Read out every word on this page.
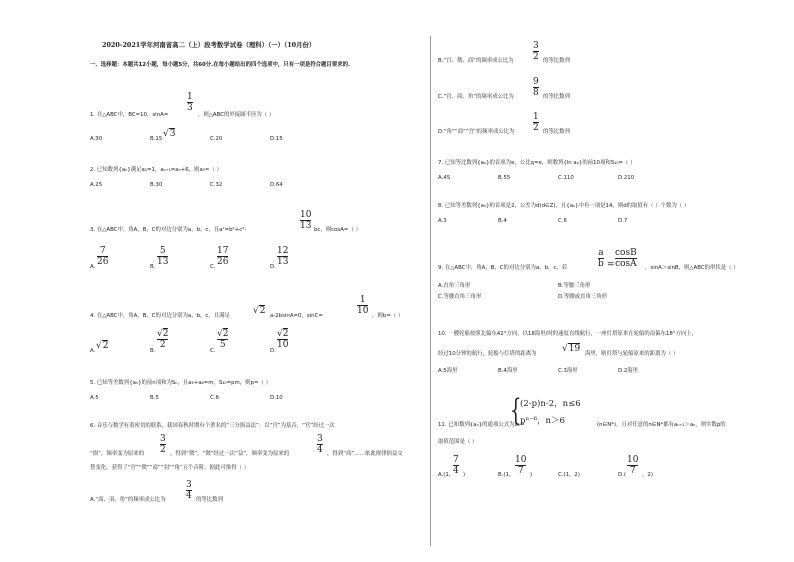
2020-2021学年河南省高二（上）段考数学试卷（理科）（一）（10月份）
一、选择题：本题共12小题，每小题5分，共60分.在每小题给出的四个选项中，只有一项是符合题目要求的.
1. 在△ABC中，BC=10，sinA=
1
3
，则△ABC的外接圆半径为（ ）
A.30	B.15 √3	C.20	D.15
2. 已知数列{aₙ}满足a₁=1，aₙ₊₁=aₙ+6，则a₅=（ ）
A.25	B.30	C.32	D.64
3. 在△ABC中，角A，B，C的对边分别为a，b，c，且a²=b²+c²-
10
13 bc，则cosA=（ ）
A.
7
26	B.
5
13	C.
17
26	D.
12
13
4. 在△ABC中，角A，B，C的对边分别为a，b，c，且满足	√2 a-2bsinA=0，sinC=
1
10 ，则b=（ ）
A. √2	B.
√2
2
C.
√2
5
D.
√2
10
5. 已知等差数列{aₙ}的前n项和为Sₙ，且a₃+a₆=m，S₁₀=pm，则p=（ ）
A.5	B.5	C.6	D.10
6. 音乐与数学有着密切的联系，我国春秋时期有个著名的“三分损益法”：以“宫”为基音，“宫”经过一次
“损”，频率变为原来的
3
2 ，得到“徵”，“徵”经过一次“益”，频率变为原来的
3
4 ，得到“商”……依此规律损益交
替变化，获得了“宫”“徵”“商”“羽”“角”五个音阶，据此可推得（ ）
A.“商、羽、角”的频率成公比为
3
4 的等比数列
B.“宫、徵、商”的频率成公比为
3
2 的等比数列
C.“宫、商、角”的频率成公比为
9
8 的等比数列
D.“角”“商”“宫”的频率成公比为
1
2 的等比数列
7. 已知等比数列{aₙ}的首项为e，公比q=e，则数列{ln aₙ}的前10项和S₁₀=（ ）
A.45	B.55	C.110	D.210
8. 已知等差数列{aₙ}的首项是2，公差为d(d∈Z)，且{aₙ}中有一项是14，则d的取值有（ ）个数为（ ）
A.3	B.4	C.6	D.7
9. 在△ABC中，角A，B，C的对边分别为a，b，c，若
a
b =
cosB
cosA ，sinA＞sinB，则△ABC的形状是（ ）
A.直角三角形	B.等腰三角形
C.等腰直角三角形	D.等腰或直角三角形
10. 一艘轮船按照北偏东42°方向，以18海里/时的速度直线航行，一座灯塔原来在轮船的南偏东18°方向上，
经过10分钟的航行，轮船与灯塔的距离为	√19 海里，则灯塔与轮船原来的距离为（ ）
A.5海里	B.4海里	C.3海里	D.2海里
11. 已知数列{aₙ}的通项公式为aₙ=
{
(2-p)n-2，n≤6
pⁿ⁻⁶，n＞6	(n∈N*)，且对任意的n∈N*都有aₙ₊₁＞aₙ，则实数p的
取值范围是（ ）
A.(1，
7
4 )	B.(1，
10
7 )	C.(1，2)	D.(
10
7 ，2)
